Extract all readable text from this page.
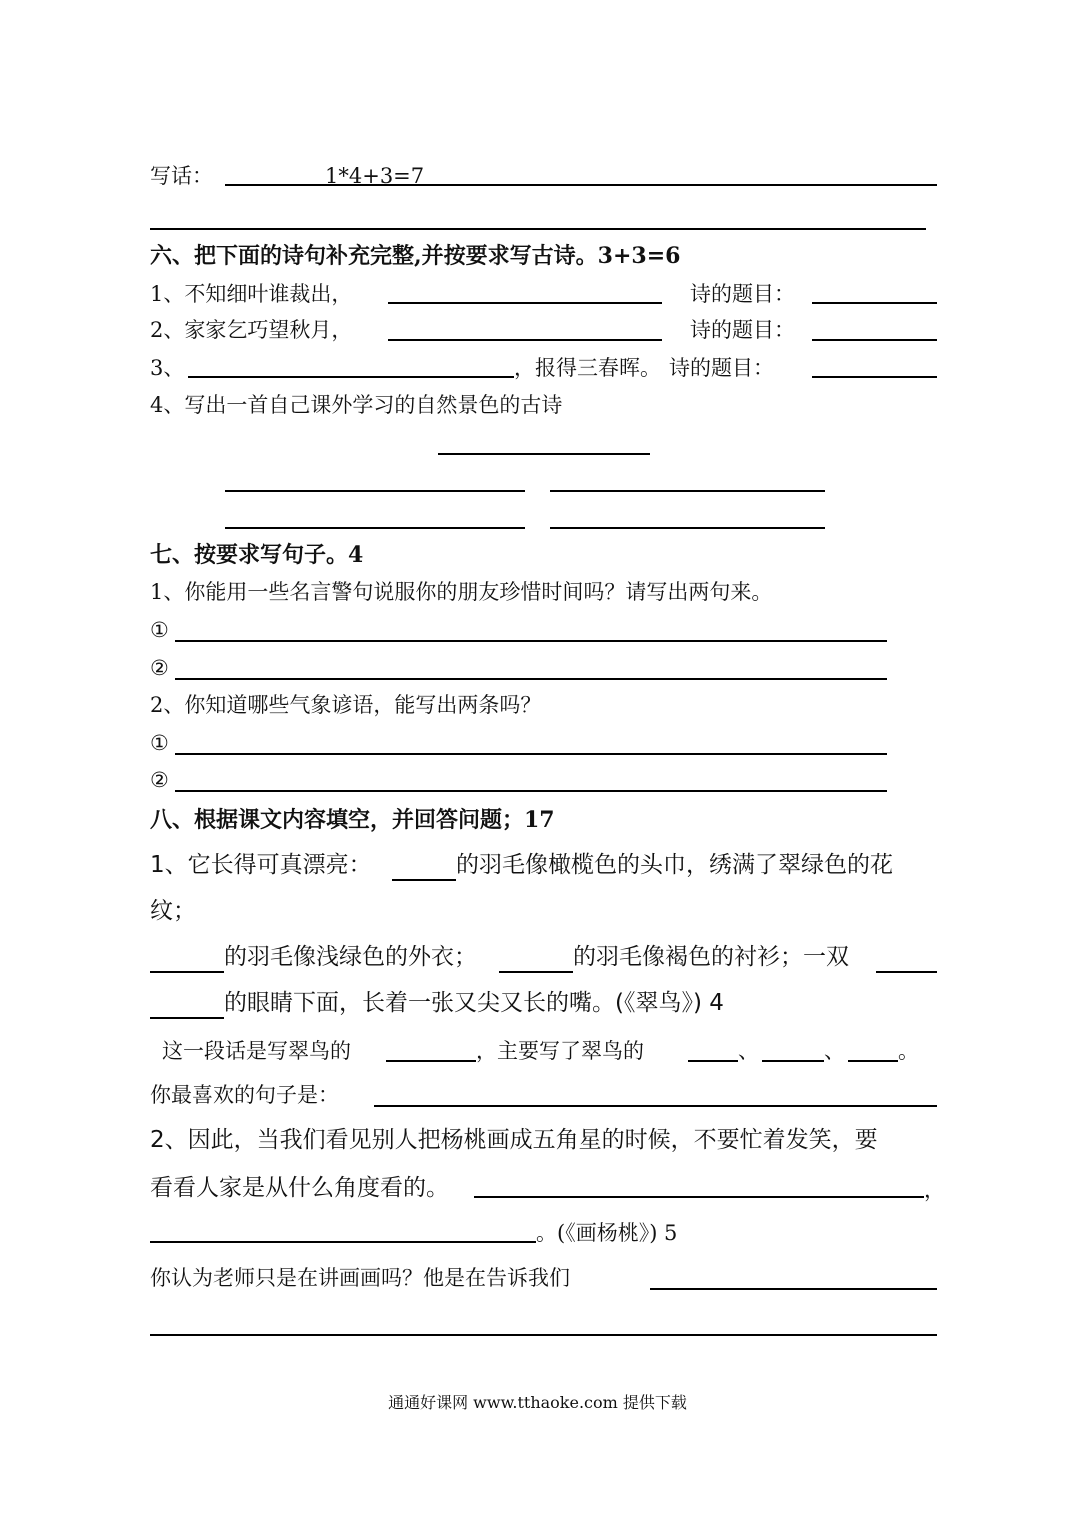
写话：	1*4+3=7
六、把下面的诗句补充完整,并按要求写古诗。3+3=6
1、不知细叶谁裁出，	诗的题目：
2、家家乞巧望秋月，	诗的题目：
3、	，报得三春晖。 诗的题目：
4、写出一首自己课外学习的自然景色的古诗
七、按要求写句子。4
1、你能用一些名言警句说服你的朋友珍惜时间吗？请写出两句来。
①
②
2、你知道哪些气象谚语，能写出两条吗？
①
②
八、根据课文内容填空，并回答问题；17
1、它长得可真漂亮：	的羽毛像橄榄色的头巾，绣满了翠绿色的花
纹；
的羽毛像浅绿色的外衣；	的羽毛像褐色的衬衫；一双
的眼睛下面，长着一张又尖又长的嘴。(《翠鸟》) 4
这一段话是写翠鸟的	，主要写了翠鸟的	、	、	。
你最喜欢的句子是：
2、因此，当我们看见别人把杨桃画成五角星的时候，不要忙着发笑，要
看看人家是从什么角度看的。	，
。(《画杨桃》) 5
你认为老师只是在讲画画吗？他是在告诉我们
通通好课网 www.tthaoke.com 提供下载
